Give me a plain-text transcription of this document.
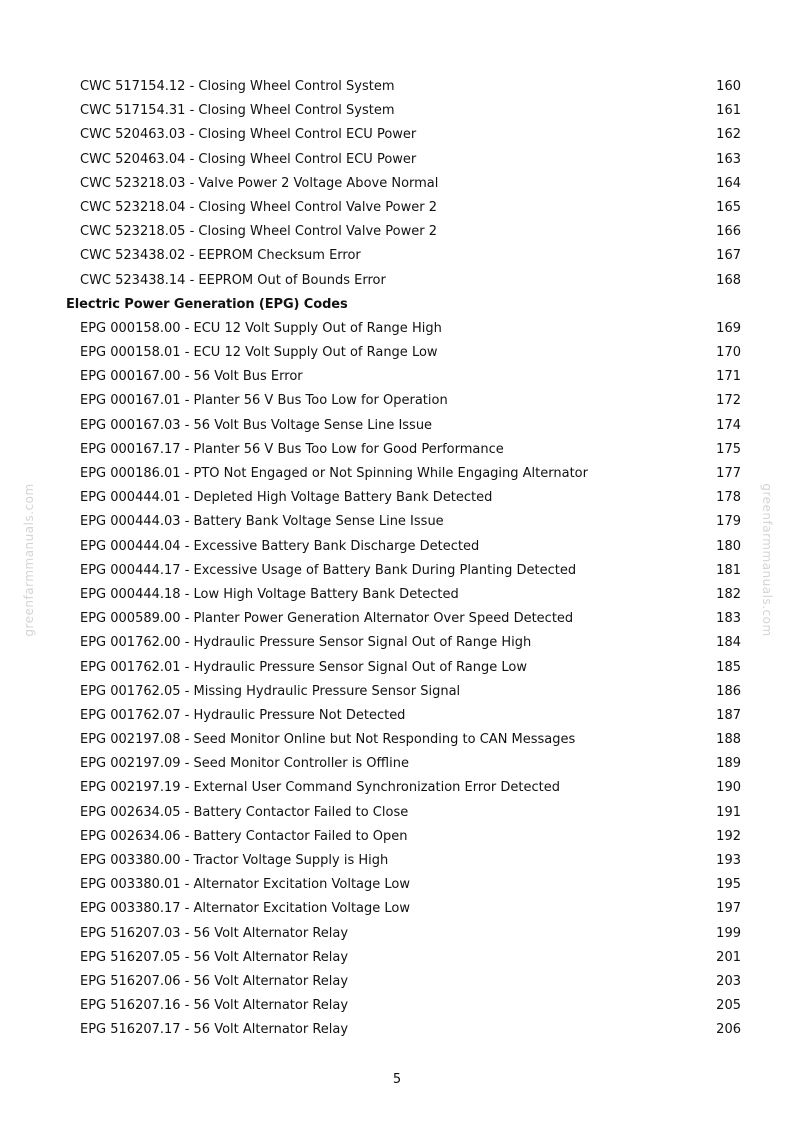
greenfarmmanuals.com	greenfarmmanuals.com
CWC 517154.12 - Closing Wheel Control System	160
CWC 517154.31 - Closing Wheel Control System	161
CWC 520463.03 - Closing Wheel Control ECU Power	162
CWC 520463.04 - Closing Wheel Control ECU Power	163
CWC 523218.03 - Valve Power 2 Voltage Above Normal	164
CWC 523218.04 - Closing Wheel Control Valve Power 2	165
CWC 523218.05 - Closing Wheel Control Valve Power 2	166
CWC 523438.02 - EEPROM Checksum Error	167
CWC 523438.14 - EEPROM Out of Bounds Error	168
Electric Power Generation (EPG) Codes
EPG 000158.00 - ECU 12 Volt Supply Out of Range High	169
EPG 000158.01 - ECU 12 Volt Supply Out of Range Low	170
EPG 000167.00 - 56 Volt Bus Error	171
EPG 000167.01 - Planter 56 V Bus Too Low for Operation	172
EPG 000167.03 - 56 Volt Bus Voltage Sense Line Issue	174
EPG 000167.17 - Planter 56 V Bus Too Low for Good Performance	175
EPG 000186.01 - PTO Not Engaged or Not Spinning While Engaging Alternator	177
EPG 000444.01 - Depleted High Voltage Battery Bank Detected	178
EPG 000444.03 - Battery Bank Voltage Sense Line Issue	179
EPG 000444.04 - Excessive Battery Bank Discharge Detected	180
EPG 000444.17 - Excessive Usage of Battery Bank During Planting Detected	181
EPG 000444.18 - Low High Voltage Battery Bank Detected	182
EPG 000589.00 - Planter Power Generation Alternator Over Speed Detected	183
EPG 001762.00 - Hydraulic Pressure Sensor Signal Out of Range High	184
EPG 001762.01 - Hydraulic Pressure Sensor Signal Out of Range Low	185
EPG 001762.05 - Missing Hydraulic Pressure Sensor Signal	186
EPG 001762.07 - Hydraulic Pressure Not Detected	187
EPG 002197.08 - Seed Monitor Online but Not Responding to CAN Messages	188
EPG 002197.09 - Seed Monitor Controller is Offline	189
EPG 002197.19 - External User Command Synchronization Error Detected	190
EPG 002634.05 - Battery Contactor Failed to Close	191
EPG 002634.06 - Battery Contactor Failed to Open	192
EPG 003380.00 - Tractor Voltage Supply is High	193
EPG 003380.01 - Alternator Excitation Voltage Low	195
EPG 003380.17 - Alternator Excitation Voltage Low	197
EPG 516207.03 - 56 Volt Alternator Relay	199
EPG 516207.05 - 56 Volt Alternator Relay	201
EPG 516207.06 - 56 Volt Alternator Relay	203
EPG 516207.16 - 56 Volt Alternator Relay	205
EPG 516207.17 - 56 Volt Alternator Relay	206
5
